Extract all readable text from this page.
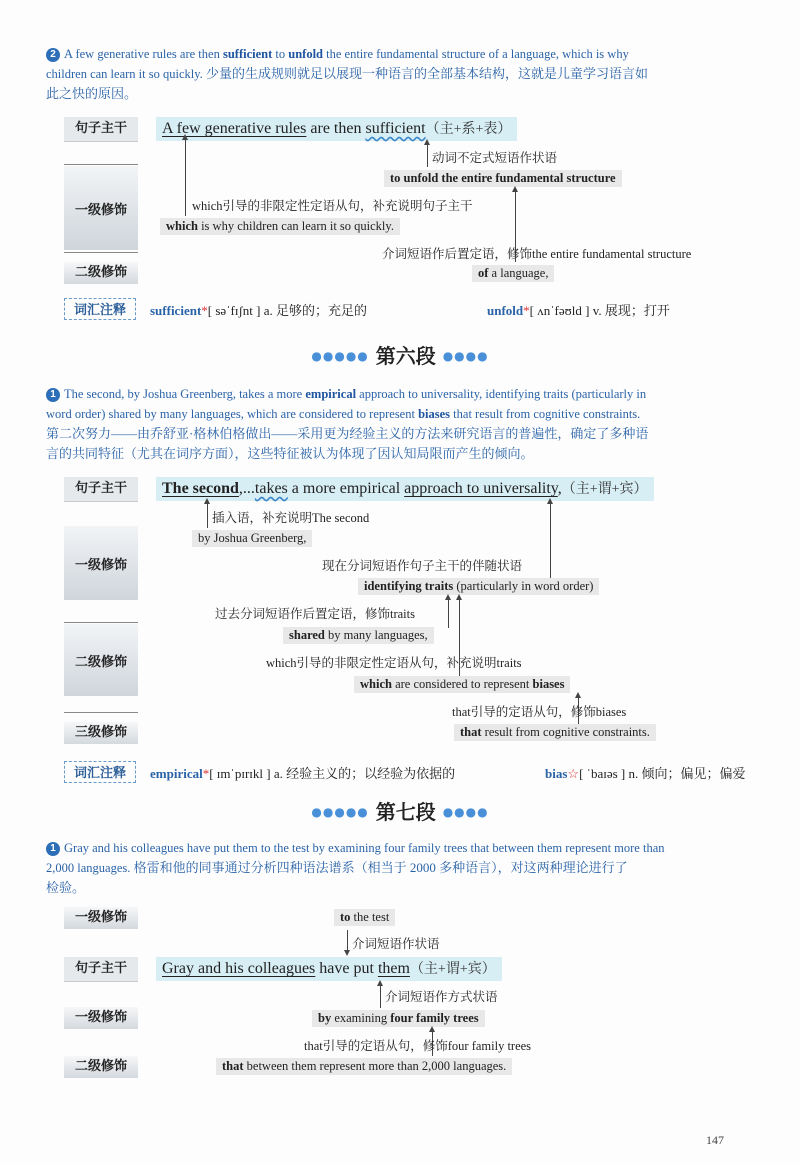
2 A few generative rules are then sufficient to unfold the entire fundamental structure of a language, which is why
children can learn it so quickly. 少量的生成规则就足以展现一种语言的全部基本结构，这就是儿童学习语言如
此之快的原因。
句子主干	A few generative rules are then sufficient（主+系+表）
动词不定式短语作状语
to unfold the entire fundamental structure
一级修饰	which引导的非限定性定语从句，补充说明句子主干
which is why children can learn it so quickly.
介词短语作后置定语，修饰the entire fundamental structure
二级修饰	of a language,
词汇注释	sufficient*[ səˈfɪʃnt ] a. 足够的；充足的	unfold*[ ʌnˈfəʊld ] v. 展现；打开
●●●●● 第六段 ●●●●
1 The second, by Joshua Greenberg, takes a more empirical approach to universality, identifying traits (particularly in
word order) shared by many languages, which are considered to represent biases that result from cognitive constraints.
第二次努力——由乔舒亚·格林伯格做出——采用更为经验主义的方法来研究语言的普遍性，确定了多种语
言的共同特征（尤其在词序方面），这些特征被认为体现了因认知局限而产生的倾向。
句子主干	The second,...takes a more empirical approach to universality,（主+谓+宾）
插入语，补充说明The second
by Joshua Greenberg,
一级修饰	现在分词短语作句子主干的伴随状语
identifying traits (particularly in word order)
过去分词短语作后置定语，修饰traits
shared by many languages,
二级修饰	which引导的非限定性定语从句，补充说明traits
which are considered to represent biases
that引导的定语从句，修饰biases
三级修饰	that result from cognitive constraints.
词汇注释	empirical*[ ɪmˈpɪrɪkl ] a. 经验主义的；以经验为依据的	bias☆[ ˈbaɪəs ] n. 倾向；偏见；偏爱
●●●●● 第七段 ●●●●
1 Gray and his colleagues have put them to the test by examining four family trees that between them represent more than
2,000 languages. 格雷和他的同事通过分析四种语法谱系（相当于 2000 多种语言），对这两种理论进行了
检验。
一级修饰	to the test
介词短语作状语
句子主干	Gray and his colleagues have put them（主+谓+宾）
介词短语作方式状语
一级修饰	by examining four family trees
that引导的定语从句，修饰four family trees
二级修饰	that between them represent more than 2,000 languages.
147
